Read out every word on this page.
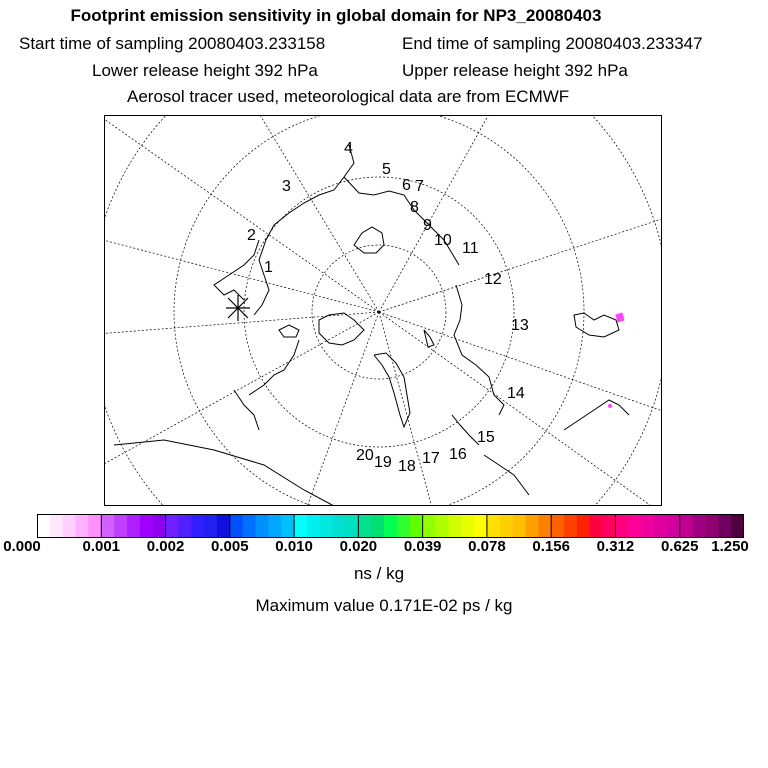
Footprint emission sensitivity in global domain for NP3_20080403
Start time of sampling 20080403.233158	End time of sampling 20080403.233347
Lower release height 392 hPa	Upper release height 392 hPa
Aerosol tracer used, meteorological data are from ECMWF
1
2
3
4
5
6 7
8
9
10 11
12
13
14
15
16
17
18
19
20
0.000	0.001 0.002 0.005 0.010 0.020 0.039 0.078 0.156 0.312 0.625 1.250
ns / kg
Maximum value 0.171E-02 ps / kg
